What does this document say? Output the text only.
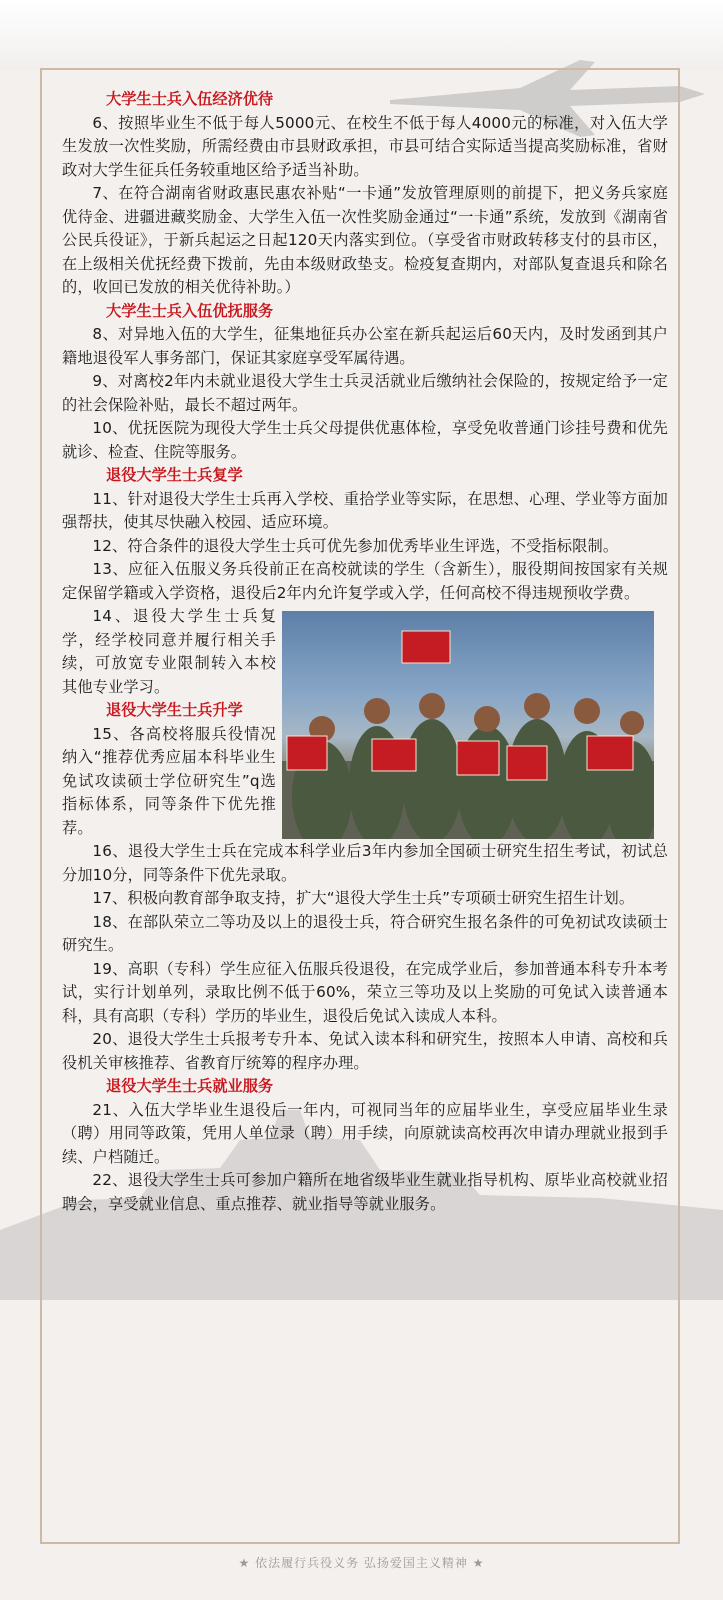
大学生士兵入伍经济优待

6、按照毕业生不低于每人5000元、在校生不低于每人4000元的标准，对入伍大学生发放一次性奖励，所需经费由市县财政承担，市县可结合实际适当提高奖励标准，省财政对大学生征兵任务较重地区给予适当补助。

7、在符合湖南省财政惠民惠农补贴“一卡通”发放管理原则的前提下，把义务兵家庭优待金、进疆进藏奖励金、大学生入伍一次性奖励金通过“一卡通”系统，发放到《湖南省公民兵役证》，于新兵起运之日起120天内落实到位。（享受省市财政转移支付的县市区，在上级相关优抚经费下拨前，先由本级财政垫支。检疫复查期内，对部队复查退兵和除名的，收回已发放的相关优待补助。）

大学生士兵入伍优抚服务

8、对异地入伍的大学生，征集地征兵办公室在新兵起运后60天内，及时发函到其户籍地退役军人事务部门，保证其家庭享受军属待遇。

9、对离校2年内未就业退役大学生士兵灵活就业后缴纳社会保险的，按规定给予一定的社会保险补贴，最长不超过两年。

10、优抚医院为现役大学生士兵父母提供优惠体检，享受免收普通门诊挂号费和优先就诊、检查、住院等服务。

退役大学生士兵复学

11、针对退役大学生士兵再入学校、重拾学业等实际，在思想、心理、学业等方面加强帮扶，使其尽快融入校园、适应环境。

12、符合条件的退役大学生士兵可优先参加优秀毕业生评选，不受指标限制。

13、应征入伍服义务兵役前正在高校就读的学生（含新生），服役期间按国家有关规定保留学籍或入学资格，退役后2年内允许复学或入学，任何高校不得违规预收学费。

14、退役大学生士兵复学，经学校同意并履行相关手续，可放宽专业限制转入本校其他专业学习。

退役大学生士兵升学

15、各高校将服兵役情况纳入“推荐优秀应届本科毕业生免试攻读硕士学位研究生”q选指标体系，同等条件下优先推荐。

16、退役大学生士兵在完成本科学业后3年内参加全国硕士研究生招生考试，初试总分加10分，同等条件下优先录取。

17、积极向教育部争取支持，扩大“退役大学生士兵”专项硕士研究生招生计划。

18、在部队荣立二等功及以上的退役士兵，符合研究生报名条件的可免初试攻读硕士研究生。

19、高职（专科）学生应征入伍服兵役退役，在完成学业后，参加普通本科专升本考试，实行计划单列，录取比例不低于60%，荣立三等功及以上奖励的可免试入读普通本科，具有高职（专科）学历的毕业生，退役后免试入读成人本科。

20、退役大学生士兵报考专升本、免试入读本科和研究生，按照本人申请、高校和兵役机关审核推荐、省教育厅统筹的程序办理。

退役大学生士兵就业服务

21、入伍大学毕业生退役后一年内，可视同当年的应届毕业生，享受应届毕业生录（聘）用同等政策，凭用人单位录（聘）用手续，向原就读高校再次申请办理就业报到手续、户档随迁。

22、退役大学生士兵可参加户籍所在地省级毕业生就业指导机构、原毕业高校就业招聘会，享受就业信息、重点推荐、就业指导等就业服务。

★ 依法履行兵役义务 弘扬爱国主义精神 ★
